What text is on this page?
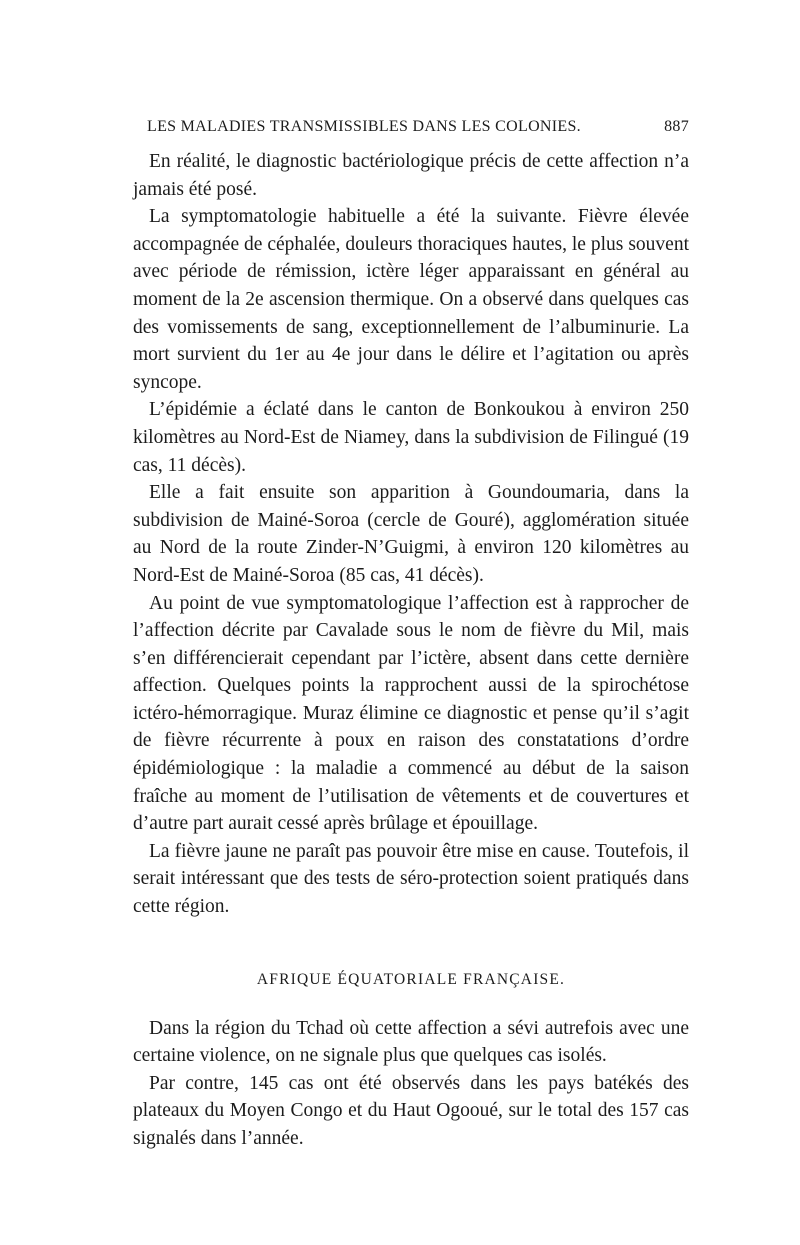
LES MALADIES TRANSMISSIBLES DANS LES COLONIES.	887

En réalité, le diagnostic bactériologique précis de cette affection n’a jamais été posé.

La symptomatologie habituelle a été la suivante. Fièvre élevée accompagnée de céphalée, douleurs thoraciques hautes, le plus souvent avec période de rémission, ictère léger apparaissant en général au moment de la 2e ascension thermique. On a observé dans quelques cas des vomissements de sang, exceptionnellement de l’albuminurie. La mort survient du 1er au 4e jour dans le délire et l’agitation ou après syncope.

L’épidémie a éclaté dans le canton de Bonkoukou à environ 250 kilomètres au Nord-Est de Niamey, dans la subdivision de Filingué (19 cas, 11 décès).

Elle a fait ensuite son apparition à Goundoumaria, dans la subdivision de Mainé-Soroa (cercle de Gouré), agglomération située au Nord de la route Zinder-N’Guigmi, à environ 120 kilomètres au Nord-Est de Mainé-Soroa (85 cas, 41 décès).

Au point de vue symptomatologique l’affection est à rapprocher de l’affection décrite par Cavalade sous le nom de fièvre du Mil, mais s’en différencierait cependant par l’ictère, absent dans cette dernière affection. Quelques points la rapprochent aussi de la spirochétose ictéro-hémorragique. Muraz élimine ce diagnostic et pense qu’il s’agit de fièvre récurrente à poux en raison des constatations d’ordre épidémiologique : la maladie a commencé au début de la saison fraîche au moment de l’utilisation de vêtements et de couvertures et d’autre part aurait cessé après brûlage et épouillage.

La fièvre jaune ne paraît pas pouvoir être mise en cause. Toutefois, il serait intéressant que des tests de séro-protection soient pratiqués dans cette région.

AFRIQUE ÉQUATORIALE FRANÇAISE.

Dans la région du Tchad où cette affection a sévi autrefois avec une certaine violence, on ne signale plus que quelques cas isolés.

Par contre, 145 cas ont été observés dans les pays batékés des plateaux du Moyen Congo et du Haut Ogooué, sur le total des 157 cas signalés dans l’année.
